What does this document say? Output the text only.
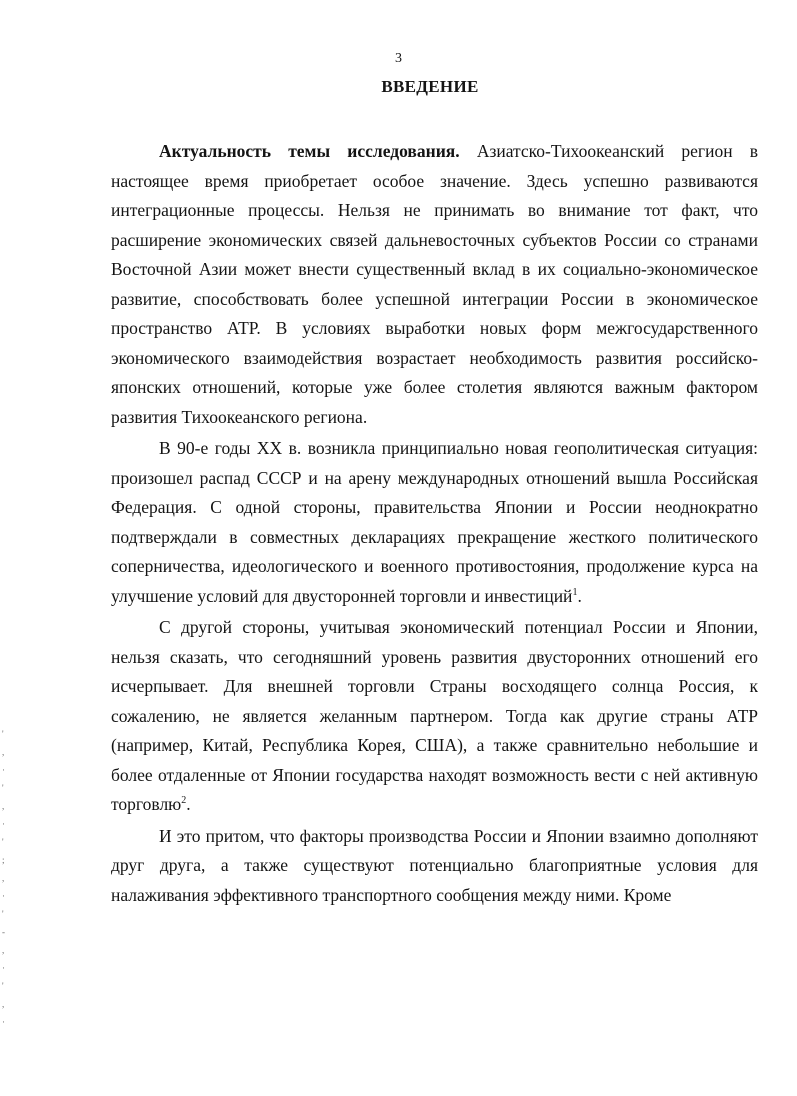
3
ВВЕДЕНИЕ

Актуальность темы исследования. Азиатско-Тихоокеанский регион в настоящее время приобретает особое значение. Здесь успешно развиваются интеграционные процессы. Нельзя не принимать во внимание тот факт, что расширение экономических связей дальневосточных субъектов России со странами Восточной Азии может внести существенный вклад в их социально-экономическое развитие, способствовать более успешной интеграции России в экономическое пространство АТР. В условиях выработки новых форм межгосударственного экономического взаимодействия возрастает необходимость развития российско-японских отношений, которые уже более столетия являются важным фактором развития Тихоокеанского региона.

В 90-е годы XX в. возникла принципиально новая геополитическая ситуация: произошел распад СССР и на арену международных отношений вышла Российская Федерация. С одной стороны, правительства Японии и России неоднократно подтверждали в совместных декларациях прекращение жесткого политического соперничества, идеологического и военного противостояния, продолжение курса на улучшение условий для двусторонней торговли и инвестиций$^1$.

С другой стороны, учитывая экономический потенциал России и Японии, нельзя сказать, что сегодняшний уровень развития двусторонних отношений его исчерпывает. Для внешней торговли Страны восходящего солнца Россия, к сожалению, не является желанным партнером. Тогда как другие страны АТР (например, Китай, Республика Корея, США), а также сравнительно небольшие и более отдаленные от Японии государства находят возможность вести с ней активную торговлю$^2$.

И это притом, что факторы производства России и Японии взаимно дополняют друг друга, а также существуют потенциально благоприятные условия для налаживания эффективного транспортного сообщения между ними. Кроме

'
,
·
'
,
·
'
;
,
·
'
-
,
·
'
,
·
